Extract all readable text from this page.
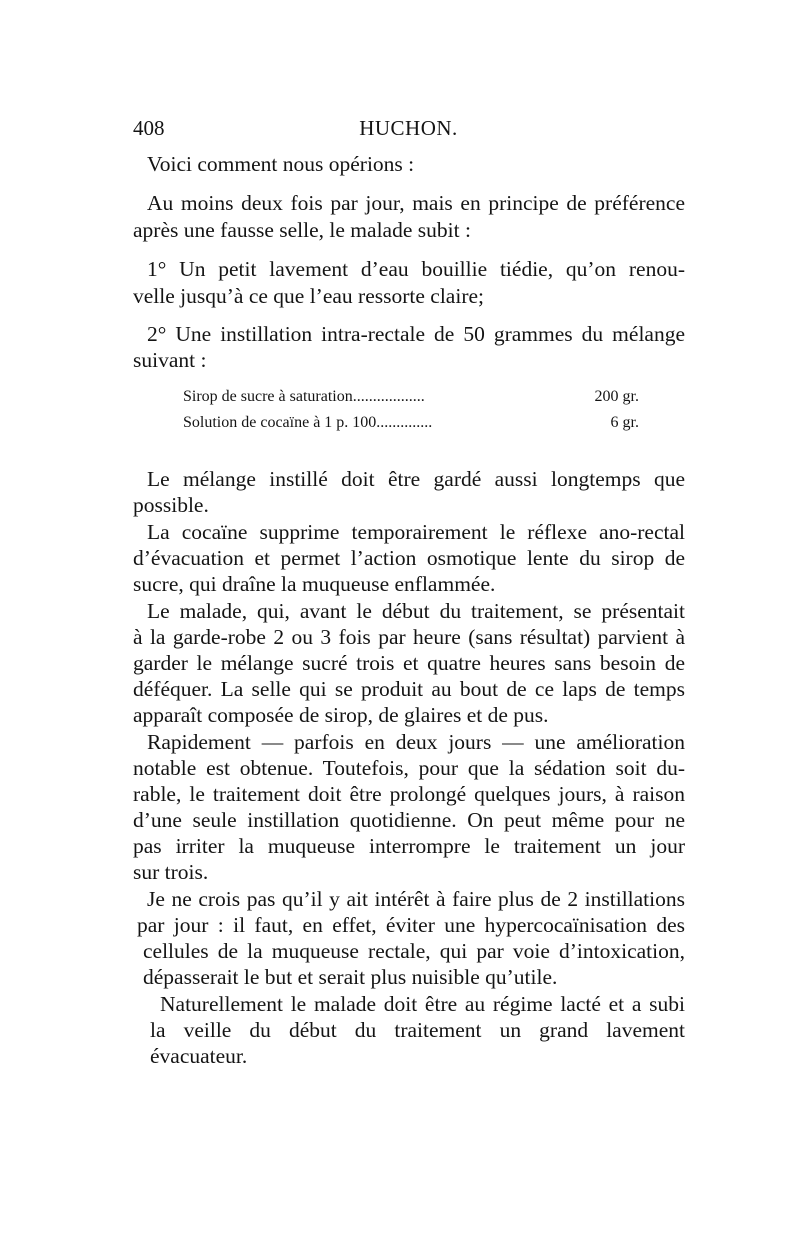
408	HUCHON.
Voici comment nous opérions :
Au moins deux fois par jour, mais en principe de préférence
après une fausse selle, le malade subit :
1° Un petit lavement d’eau bouillie tiédie, qu’on renou-
velle jusqu’à ce que l’eau ressorte claire;
2° Une instillation intra-rectale de 50 grammes du mélange
suivant :
Sirop de sucre à saturation..................	200 gr.
Solution de cocaïne à 1 p. 100..............	6 gr.
Le mélange instillé doit être gardé aussi longtemps que
possible.
La cocaïne supprime temporairement le réflexe ano-rectal
d’évacuation et permet l’action osmotique lente du sirop de
sucre, qui draîne la muqueuse enflammée.
Le malade, qui, avant le début du traitement, se présentait
à la garde-robe 2 ou 3 fois par heure (sans résultat) parvient à
garder le mélange sucré trois et quatre heures sans besoin de
déféquer. La selle qui se produit au bout de ce laps de temps
apparaît composée de sirop, de glaires et de pus.
Rapidement — parfois en deux jours — une amélioration
notable est obtenue. Toutefois, pour que la sédation soit du-
rable, le traitement doit être prolongé quelques jours, à raison
d’une seule instillation quotidienne. On peut même pour ne
pas irriter la muqueuse interrompre le traitement un jour
sur trois.
Je ne crois pas qu’il y ait intérêt à faire plus de 2 instillations
par jour : il faut, en effet, éviter une hypercocaïnisation des
cellules de la muqueuse rectale, qui par voie d’intoxication,
dépasserait le but et serait plus nuisible qu’utile.
Naturellement le malade doit être au régime lacté et a subi
la veille du début du traitement un grand lavement évacuateur.
